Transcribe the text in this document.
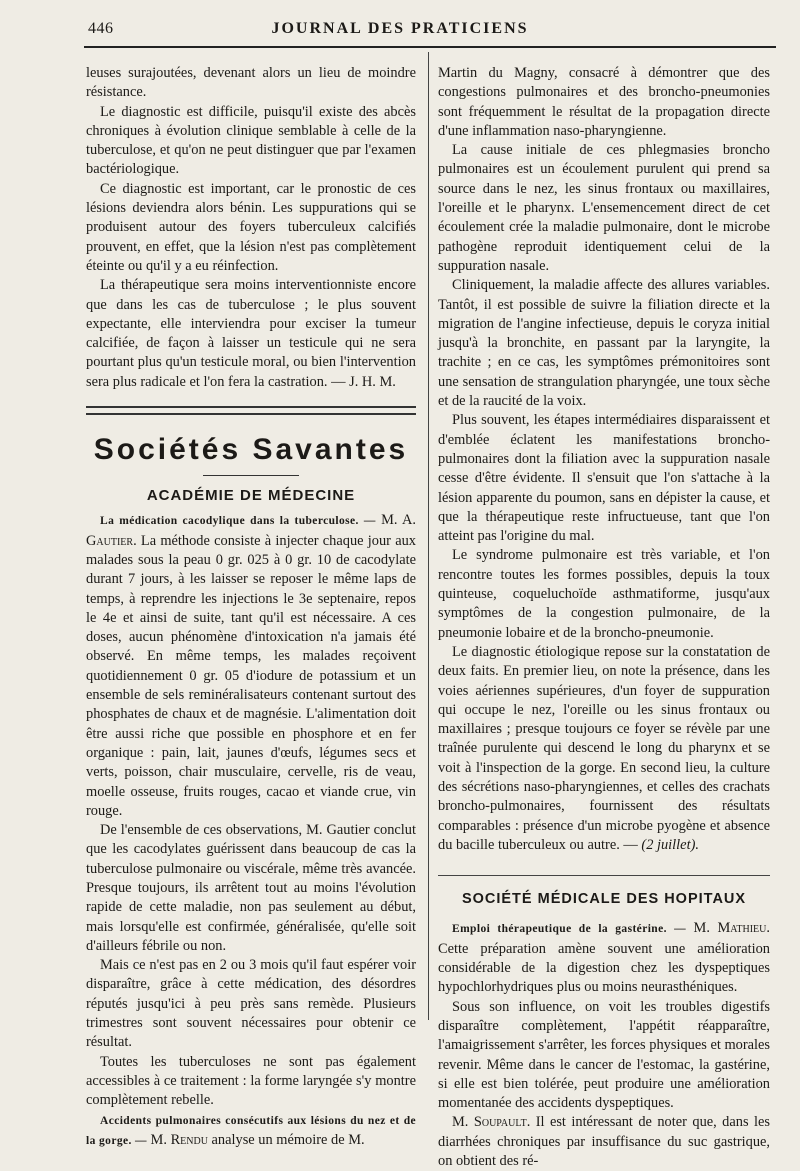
446	JOURNAL DES PRATICIENS

leuses surajoutées, devenant alors un lieu de moindre résistance.

Le diagnostic est difficile, puisqu'il existe des abcès chroniques à évolution clinique semblable à celle de la tuberculose, et qu'on ne peut distinguer que par l'examen bactériologique.

Ce diagnostic est important, car le pronostic de ces lésions deviendra alors bénin. Les suppurations qui se produisent autour des foyers tuberculeux calcifiés prouvent, en effet, que la lésion n'est pas complètement éteinte ou qu'il y a eu réinfection.

La thérapeutique sera moins interventionniste encore que dans les cas de tuberculose ; le plus souvent expectante, elle interviendra pour exciser la tumeur calcifiée, de façon à laisser un testicule qui ne sera pourtant plus qu'un testicule moral, ou bien l'intervention sera plus radicale et l'on fera la castration. — J. H. M.

Sociétés Savantes
ACADÉMIE DE MÉDECINE

La médication cacodylique dans la tuberculose. — M. A. Gautier. La méthode consiste à injecter chaque jour aux malades sous la peau 0 gr. 025 à 0 gr. 10 de cacodylate durant 7 jours, à les laisser se reposer le même laps de temps, à reprendre les injections le 3e septenaire, repos le 4e et ainsi de suite, tant qu'il est nécessaire. A ces doses, aucun phénomène d'intoxication n'a jamais été observé. En même temps, les malades reçoivent quotidiennement 0 gr. 05 d'iodure de potassium et un ensemble de sels reminéralisateurs contenant surtout des phosphates de chaux et de magnésie. L'alimentation doit être aussi riche que possible en phosphore et en fer organique : pain, lait, jaunes d'œufs, légumes secs et verts, poisson, chair musculaire, cervelle, ris de veau, moelle osseuse, fruits rouges, cacao et viande crue, vin rouge.

De l'ensemble de ces observations, M. Gautier conclut que les cacodylates guérissent dans beaucoup de cas la tuberculose pulmonaire ou viscérale, même très avancée. Presque toujours, ils arrêtent tout au moins l'évolution rapide de cette maladie, non pas seulement au début, mais lorsqu'elle est confirmée, généralisée, qu'elle soit d'ailleurs fébrile ou non.

Mais ce n'est pas en 2 ou 3 mois qu'il faut espérer voir disparaître, grâce à cette médication, des désordres réputés jusqu'ici à peu près sans remède. Plusieurs trimestres sont souvent nécessaires pour obtenir ce résultat.

Toutes les tuberculoses ne sont pas également accessibles à ce traitement : la forme laryngée s'y montre complètement rebelle.

Accidents pulmonaires consécutifs aux lésions du nez et de la gorge. — M. Rendu analyse un mémoire de M.

Martin du Magny, consacré à démontrer que des congestions pulmonaires et des broncho-pneumonies sont fréquemment le résultat de la propagation directe d'une inflammation naso-pharyngienne.

La cause initiale de ces phlegmasies broncho pulmonaires est un écoulement purulent qui prend sa source dans le nez, les sinus frontaux ou maxillaires, l'oreille et le pharynx. L'ensemencement direct de cet écoulement crée la maladie pulmonaire, dont le microbe pathogène reproduit identiquement celui de la suppuration nasale.

Cliniquement, la maladie affecte des allures variables. Tantôt, il est possible de suivre la filiation directe et la migration de l'angine infectieuse, depuis le coryza initial jusqu'à la bronchite, en passant par la laryngite, la trachite ; en ce cas, les symptômes prémonitoires sont une sensation de strangulation pharyngée, une toux sèche et de la raucité de la voix.

Plus souvent, les étapes intermédiaires disparaissent et d'emblée éclatent les manifestations broncho-pulmonaires dont la filiation avec la suppuration nasale cesse d'être évidente. Il s'ensuit que l'on s'attache à la lésion apparente du poumon, sans en dépister la cause, et que la thérapeutique reste infructueuse, tant que l'on atteint pas l'origine du mal.

Le syndrome pulmonaire est très variable, et l'on rencontre toutes les formes possibles, depuis la toux quinteuse, coqueluchoïde asthmatiforme, jusqu'aux symptômes de la congestion pulmonaire, de la pneumonie lobaire et de la broncho-pneumonie.

Le diagnostic étiologique repose sur la constatation de deux faits. En premier lieu, on note la présence, dans les voies aériennes supérieures, d'un foyer de suppuration qui occupe le nez, l'oreille ou les sinus frontaux ou maxillaires ; presque toujours ce foyer se révèle par une traînée purulente qui descend le long du pharynx et se voit à l'inspection de la gorge. En second lieu, la culture des sécrétions naso-pharyngiennes, et celles des crachats broncho-pulmonaires, fournissent des résultats comparables : présence d'un microbe pyogène et absence du bacille tuberculeux ou autre. — (2 juillet).

SOCIÉTÉ MÉDICALE DES HOPITAUX

Emploi thérapeutique de la gastérine. — M. Mathieu. Cette préparation amène souvent une amélioration considérable de la digestion chez les dyspeptiques hypochlorhydriques plus ou moins neurasthéniques.

Sous son influence, on voit les troubles digestifs disparaître complètement, l'appétit réapparaître, l'amaigrissement s'arrêter, les forces physiques et morales revenir. Même dans le cancer de l'estomac, la gastérine, si elle est bien tolérée, peut produire une amélioration momentanée des accidents dyspeptiques.

M. Soupault. Il est intéressant de noter que, dans les diarrhées chroniques par insuffisance du suc gastrique, on obtient des ré-
